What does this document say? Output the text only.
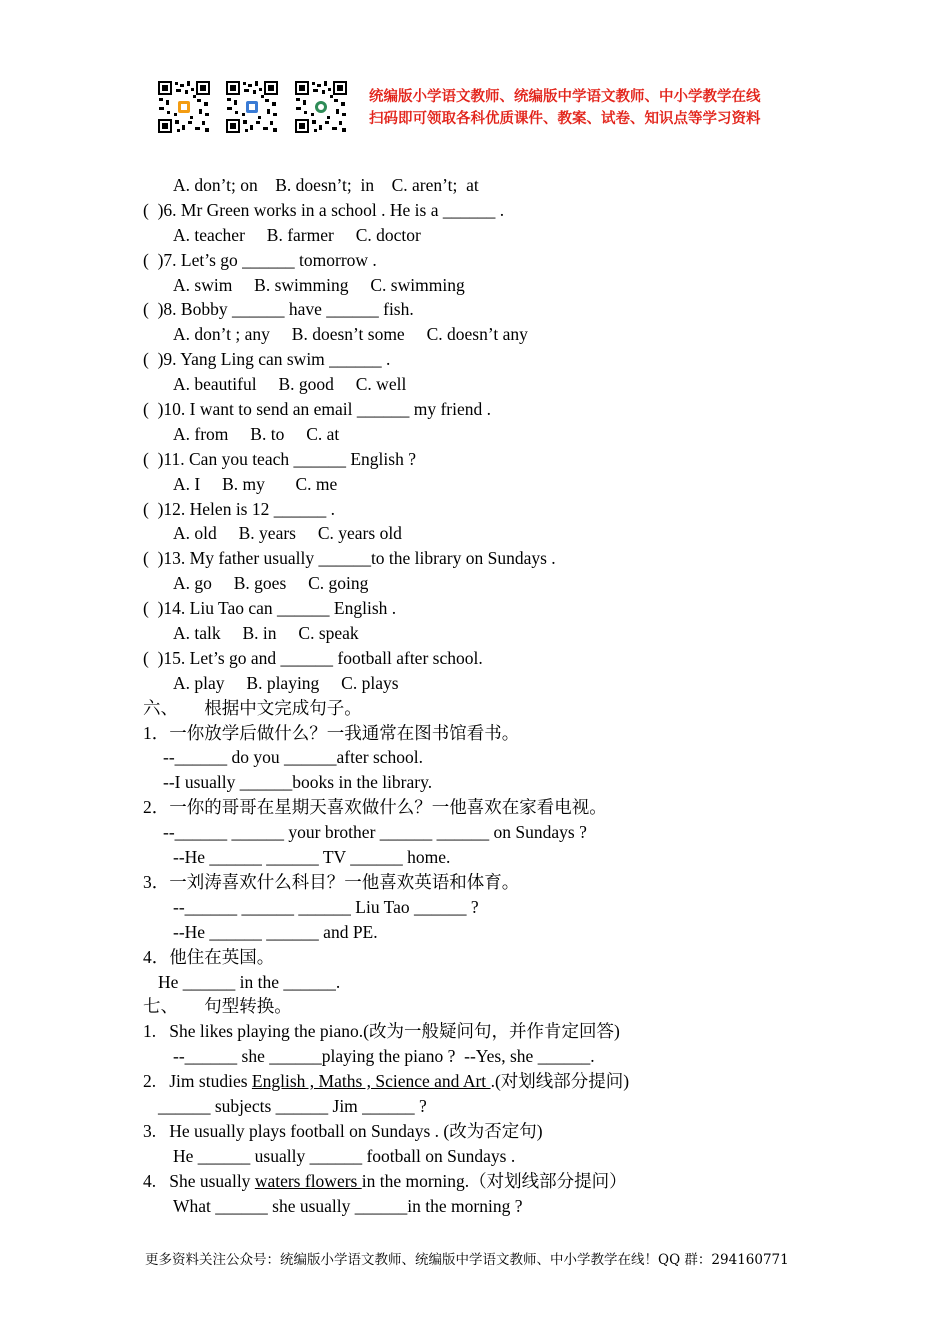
统编版小学语文教师、统编版中学语文教师、中小学教学在线
扫码即可领取各科优质课件、教案、试卷、知识点等学习资料
A. don’t; on    B. doesn’t;  in    C. aren’t;  at
(  )6. Mr Green works in a school . He is a ______ .
A. teacher     B. farmer     C. doctor
(  )7. Let’s go ______ tomorrow .
A. swim     B. swimming     C. swimming
(  )8. Bobby ______ have ______ fish.
A. don’t ; any     B. doesn’t some     C. doesn’t any
(  )9. Yang Ling can swim ______ .
A. beautiful     B. good     C. well
(  )10. I want to send an email ______ my friend .
A. from     B. to     C. at
(  )11. Can you teach ______ English ?
A. I     B. my       C. me
(  )12. Helen is 12 ______ .
A. old     B. years     C. years old
(  )13. My father usually ______to the library on Sundays .
A. go     B. goes     C. going
(  )14. Liu Tao can ______ English .
A. talk     B. in     C. speak
(  )15. Let’s go and ______ football after school.
A. play     B. playing     C. plays
六、      根据中文完成句子。
1．一你放学后做什么？一我通常在图书馆看书。
--______ do you ______after school.
--I usually ______books in the library.
2．一你的哥哥在星期天喜欢做什么？一他喜欢在家看电视。
--______ ______ your brother ______ ______ on Sundays ?
--He ______ ______ TV ______ home.
3．一刘涛喜欢什么科目？一他喜欢英语和体育。
--______ ______ ______ Liu Tao ______ ?
--He ______ ______ and PE.
4．他住在英国。
He ______ in the ______.
七、      句型转换。
1.   She likes playing the piano.(改为一般疑问句，并作肯定回答)
--______ she ______playing the piano ?  --Yes, she ______.
2.   Jim studies English , Maths , Science and Art .(对划线部分提问)
______ subjects ______ Jim ______ ?
3.   He usually plays football on Sundays . (改为否定句)
He ______ usually ______ football on Sundays .
4.   She usually waters flowers in the morning.（对划线部分提问）
What ______ she usually ______in the morning ?
更多资料关注公众号：统编版小学语文教师、统编版中学语文教师、中小学教学在线！QQ 群：294160771
